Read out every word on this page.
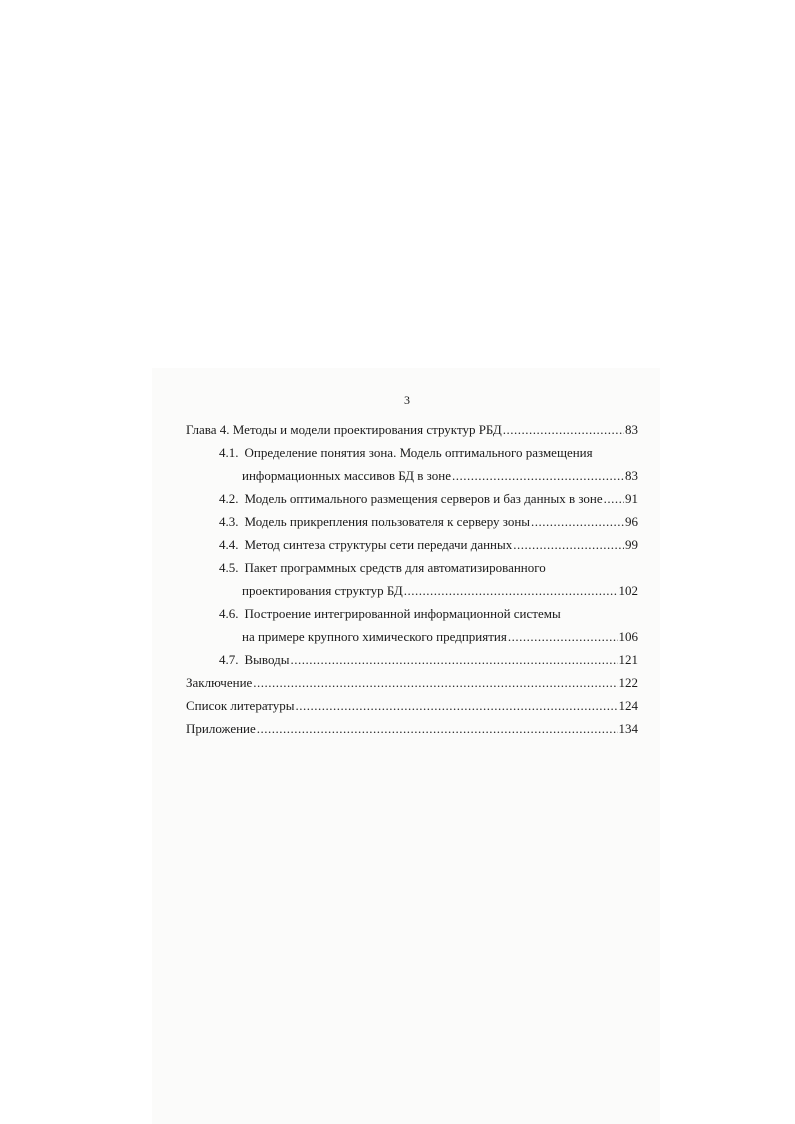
3
Глава 4. Методы и модели проектирования структур РБД .....	83
4.1. Определение понятия зона. Модель оптимального размещения
информационных массивов БД в зоне .....	83
4.2. Модель оптимального размещения серверов и баз данных в зоне ..... 91
4.3. Модель прикрепления пользователя к серверу зоны .....	96
4.4. Метод синтеза структуры сети передачи данных .....	99
4.5. Пакет программных средств для автоматизированного
проектирования структур БД .....	102
4.6. Построение интегрированной информационной системы
на примере крупного химического предприятия .....	106
4.7. Выводы .....	121
Заключение .....	122
Список литературы .....	124
Приложение .....	134
